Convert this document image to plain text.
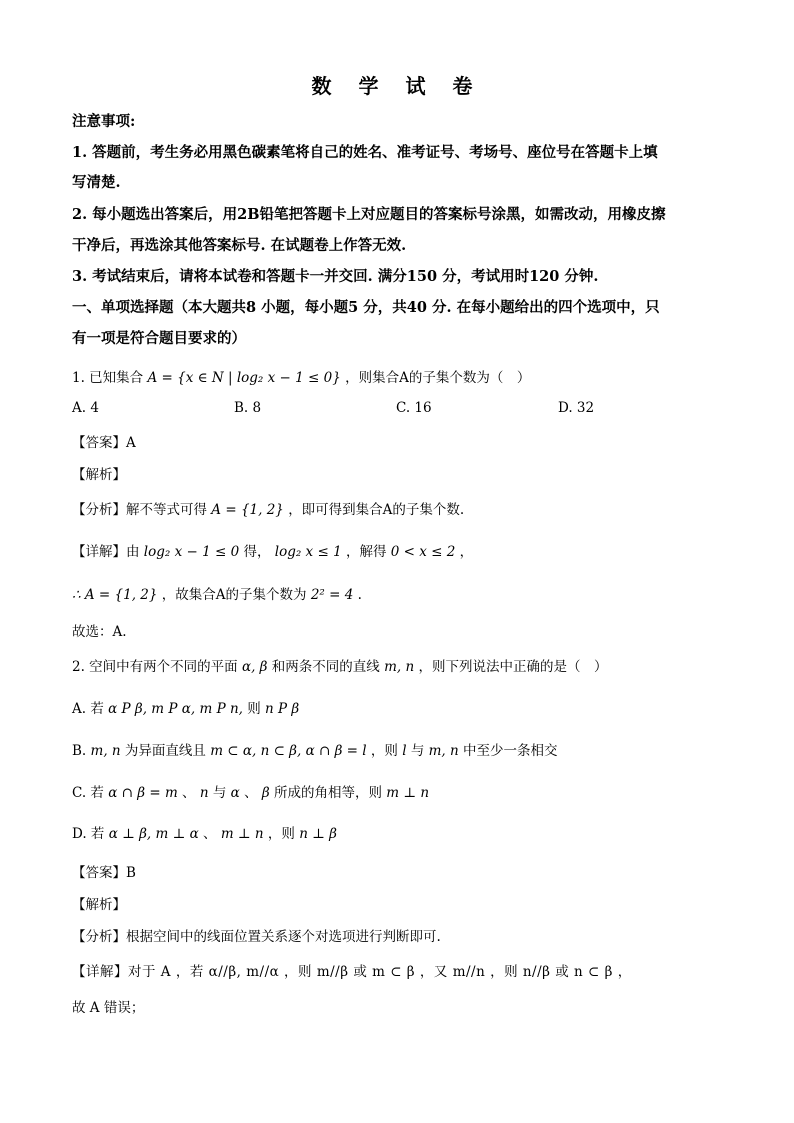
数 学 试 卷
注意事项:
1. 答题前，考生务必用黑色碳素笔将自己的姓名、准考证号、考场号、座位号在答题卡上填
写清楚.
2. 每小题选出答案后，用2B铅笔把答题卡上对应题目的答案标号涂黑，如需改动，用橡皮擦
干净后，再选涂其他答案标号. 在试题卷上作答无效.
3. 考试结束后，请将本试卷和答题卡一并交回. 满分150 分，考试用时120 分钟.
一、单项选择题（本大题共8 小题，每小题5 分，共40 分. 在每小题给出的四个选项中，只
有一项是符合题目要求的）
1. 已知集合 A = {x ∈ N | log₂ x − 1 ≤ 0} ，则集合A的子集个数为（　）
A. 4	B. 8	C. 16	D. 32
【答案】A
【解析】
【分析】解不等式可得 A = {1, 2} ，即可得到集合A的子集个数.
【详解】由 log₂ x − 1 ≤ 0 得， log₂ x ≤ 1 ，解得 0 < x ≤ 2 ，
∴ A = {1, 2} ，故集合A的子集个数为 2² = 4 .
故选：A.
2. 空间中有两个不同的平面 α, β 和两条不同的直线 m, n ，则下列说法中正确的是（　）
A. 若 α P β, m P α, m P n, 则 n P β
B. m, n 为异面直线且 m ⊂ α, n ⊂ β, α ∩ β = l ，则 l 与 m, n 中至少一条相交
C. 若 α ∩ β = m 、 n 与 α 、 β 所成的角相等，则 m ⊥ n
D. 若 α ⊥ β, m ⊥ α 、 m ⊥ n ，则 n ⊥ β
【答案】B
【解析】
【分析】根据空间中的线面位置关系逐个对选项进行判断即可.
【详解】对于 A ，若 α//β, m//α ，则 m//β 或 m ⊂ β ，又 m//n ，则 n//β 或 n ⊂ β ，
故 A 错误；
